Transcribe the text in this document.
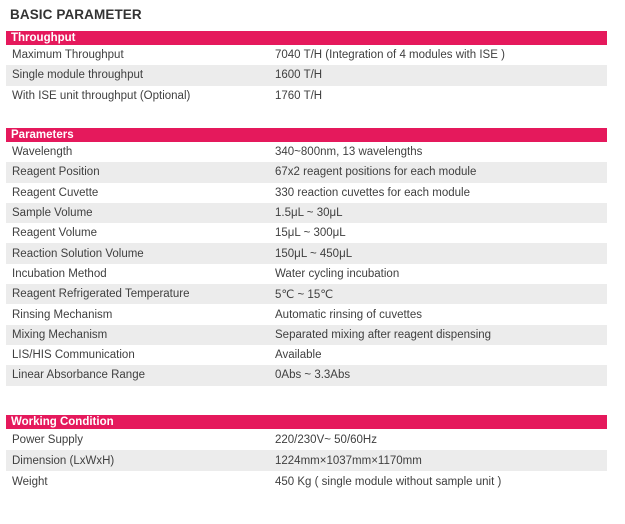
BASIC PARAMETER
Throughput
Maximum Throughput	7040 T/H (Integration of 4 modules with ISE )
Single module throughput	1600 T/H
With ISE unit throughput (Optional)	1760 T/H
Parameters
Wavelength	340~800nm, 13 wavelengths
Reagent Position	67x2 reagent positions for each module
Reagent Cuvette	330 reaction cuvettes for each module
Sample Volume	1.5μL ~ 30μL
Reagent Volume	15μL ~ 300μL
Reaction Solution Volume	150μL ~ 450μL
Incubation Method	Water cycling incubation
Reagent Refrigerated Temperature	5℃ ~ 15℃
Rinsing Mechanism	Automatic rinsing of cuvettes
Mixing Mechanism	Separated mixing after reagent dispensing
LIS/HIS Communication	Available
Linear Absorbance Range	0Abs ~ 3.3Abs
Working Condition
Power Supply	220/230V~ 50/60Hz
Dimension (LxWxH)	1224mm×1037mm×1170mm
Weight	450 Kg ( single module without sample unit )
